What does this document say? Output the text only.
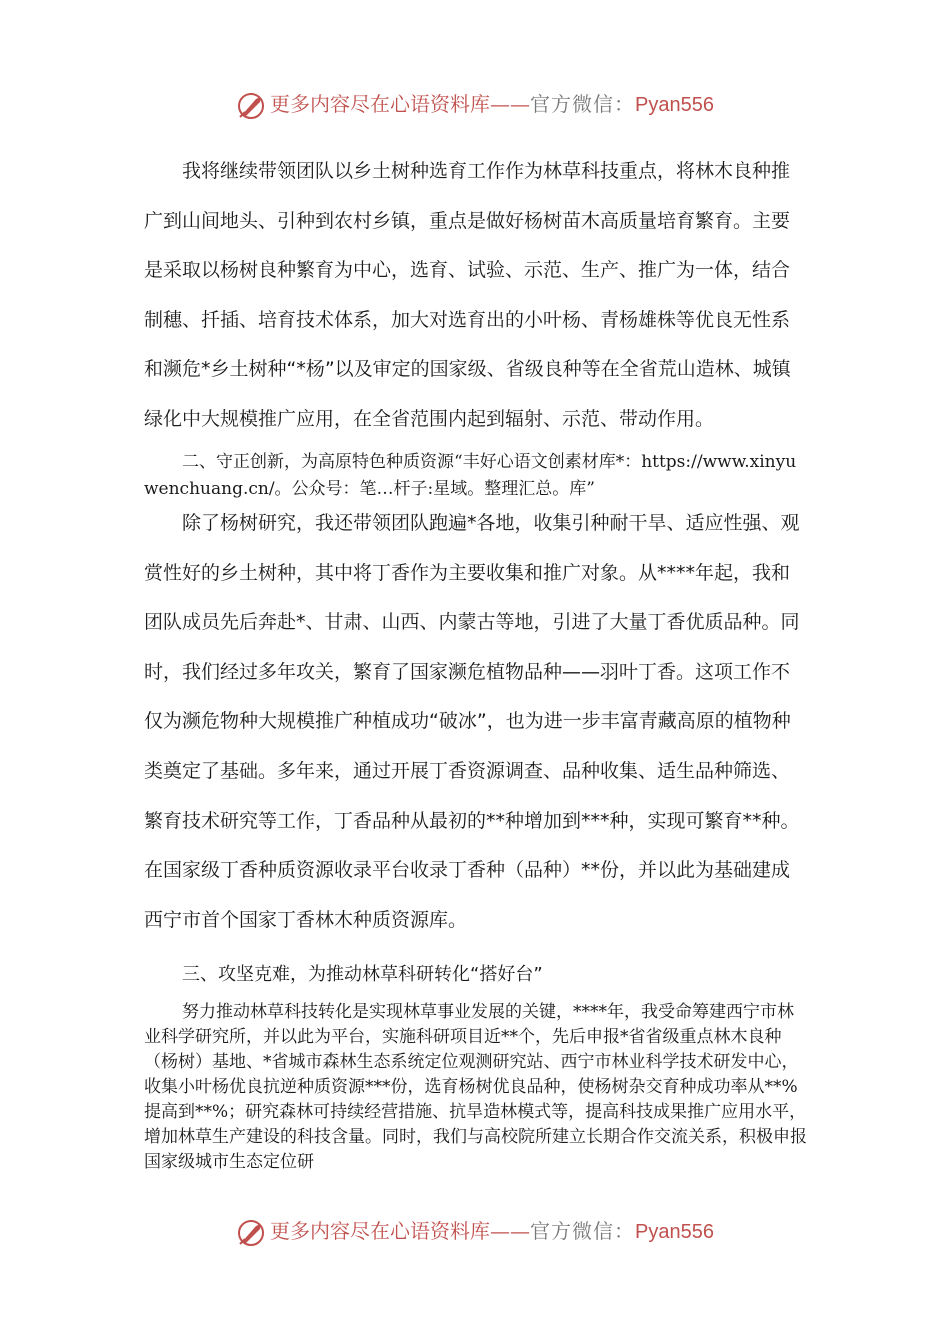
更多内容尽在心语资料库——官方微信：Pyan556

我将继续带领团队以乡土树种选育工作作为林草科技重点，将林木良种推广到山间地头、引种到农村乡镇，重点是做好杨树苗木高质量培育繁育。主要是采取以杨树良种繁育为中心，选育、试验、示范、生产、推广为一体，结合制穗、扦插、培育技术体系，加大对选育出的小叶杨、青杨雄株等优良无性系和濒危*乡土树种“*杨”以及审定的国家级、省级良种等在全省荒山造林、城镇绿化中大规模推广应用，在全省范围内起到辐射、示范、带动作用。

二、守正创新，为高原特色种质资源“丰好心语文创素材库*：https://www.xinyuwenchuang.cn/。公众号：笔…杆子:星域。整理汇总。库”

除了杨树研究，我还带领团队跑遍*各地，收集引种耐干旱、适应性强、观赏性好的乡土树种，其中将丁香作为主要收集和推广对象。从****年起，我和团队成员先后奔赴*、甘肃、山西、内蒙古等地，引进了大量丁香优质品种。同时，我们经过多年攻关，繁育了国家濒危植物品种——羽叶丁香。这项工作不仅为濒危物种大规模推广种植成功“破冰”，也为进一步丰富青藏高原的植物种类奠定了基础。多年来，通过开展丁香资源调查、品种收集、适生品种筛选、繁育技术研究等工作，丁香品种从最初的**种增加到***种，实现可繁育**种。在国家级丁香种质资源收录平台收录丁香种（品种）**份，并以此为基础建成西宁市首个国家丁香林木种质资源库。

三、攻坚克难，为推动林草科研转化“搭好台”

努力推动林草科技转化是实现林草事业发展的关键，****年，我受命筹建西宁市林业科学研究所，并以此为平台，实施科研项目近**个，先后申报*省省级重点林木良种（杨树）基地、*省城市森林生态系统定位观测研究站、西宁市林业科学技术研发中心，收集小叶杨优良抗逆种质资源***份，选育杨树优良品种，使杨树杂交育种成功率从**%提高到**%；研究森林可持续经营措施、抗旱造林模式等，提高科技成果推广应用水平，增加林草生产建设的科技含量。同时，我们与高校院所建立长期合作交流关系，积极申报国家级城市生态定位研

更多内容尽在心语资料库——官方微信：Pyan556
